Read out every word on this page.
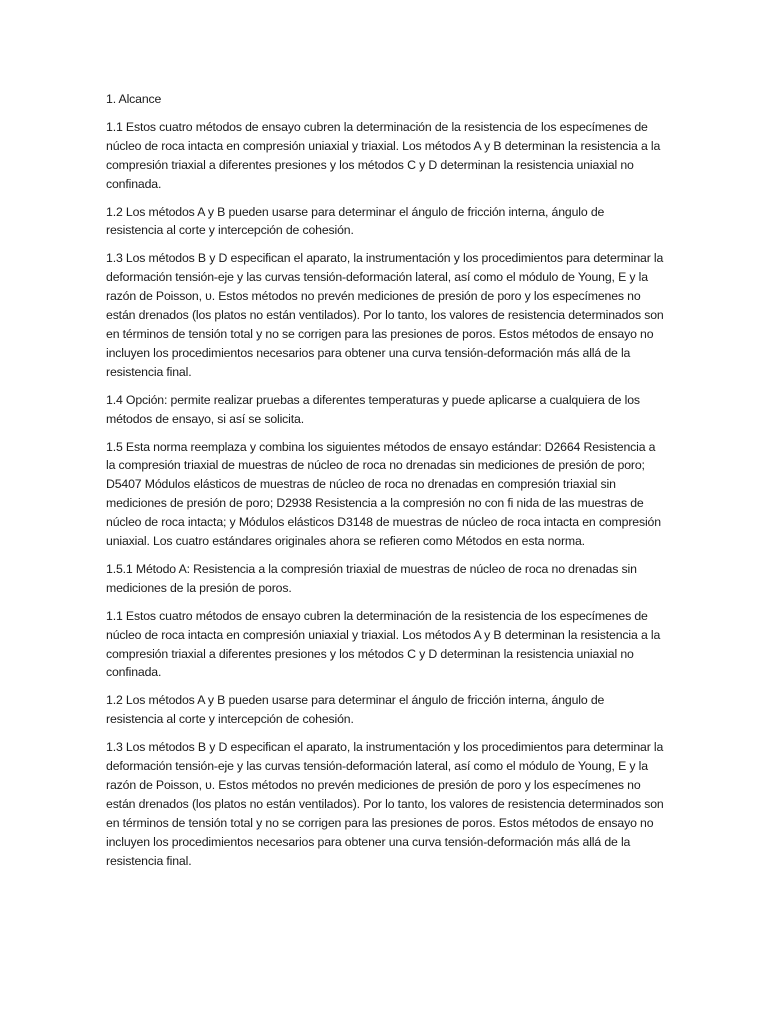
1. Alcance

1.1 Estos cuatro métodos de ensayo cubren la determinación de la resistencia de los especímenes de núcleo de roca intacta en compresión uniaxial y triaxial. Los métodos A y B determinan la resistencia a la compresión triaxial a diferentes presiones y los métodos C y D determinan la resistencia uniaxial no confinada.

1.2 Los métodos A y B pueden usarse para determinar el ángulo de fricción interna, ángulo de resistencia al corte y intercepción de cohesión.

1.3 Los métodos B y D especifican el aparato, la instrumentación y los procedimientos para determinar la deformación tensión-eje y las curvas tensión-deformación lateral, así como el módulo de Young, E y la razón de Poisson, υ. Estos métodos no prevén mediciones de presión de poro y los especímenes no están drenados (los platos no están ventilados). Por lo tanto, los valores de resistencia determinados son en términos de tensión total y no se corrigen para las presiones de poros. Estos métodos de ensayo no incluyen los procedimientos necesarios para obtener una curva tensión-deformación más allá de la resistencia final.

1.4 Opción: permite realizar pruebas a diferentes temperaturas y puede aplicarse a cualquiera de los métodos de ensayo, si así se solicita.

1.5 Esta norma reemplaza y combina los siguientes métodos de ensayo estándar: D2664 Resistencia a la compresión triaxial de muestras de núcleo de roca no drenadas sin mediciones de presión de poro; D5407 Módulos elásticos de muestras de núcleo de roca no drenadas en compresión triaxial sin mediciones de presión de poro; D2938 Resistencia a la compresión no con fi nida de las muestras de núcleo de roca intacta; y Módulos elásticos D3148 de muestras de núcleo de roca intacta en compresión uniaxial. Los cuatro estándares originales ahora se refieren como Métodos en esta norma.

1.5.1 Método A: Resistencia a la compresión triaxial de muestras de núcleo de roca no drenadas sin mediciones de la presión de poros.

1.1 Estos cuatro métodos de ensayo cubren la determinación de la resistencia de los especímenes de núcleo de roca intacta en compresión uniaxial y triaxial. Los métodos A y B determinan la resistencia a la compresión triaxial a diferentes presiones y los métodos C y D determinan la resistencia uniaxial no confinada.

1.2 Los métodos A y B pueden usarse para determinar el ángulo de fricción interna, ángulo de resistencia al corte y intercepción de cohesión.

1.3 Los métodos B y D especifican el aparato, la instrumentación y los procedimientos para determinar la deformación tensión-eje y las curvas tensión-deformación lateral, así como el módulo de Young, E y la razón de Poisson, υ. Estos métodos no prevén mediciones de presión de poro y los especímenes no están drenados (los platos no están ventilados). Por lo tanto, los valores de resistencia determinados son en términos de tensión total y no se corrigen para las presiones de poros. Estos métodos de ensayo no incluyen los procedimientos necesarios para obtener una curva tensión-deformación más allá de la resistencia final.
